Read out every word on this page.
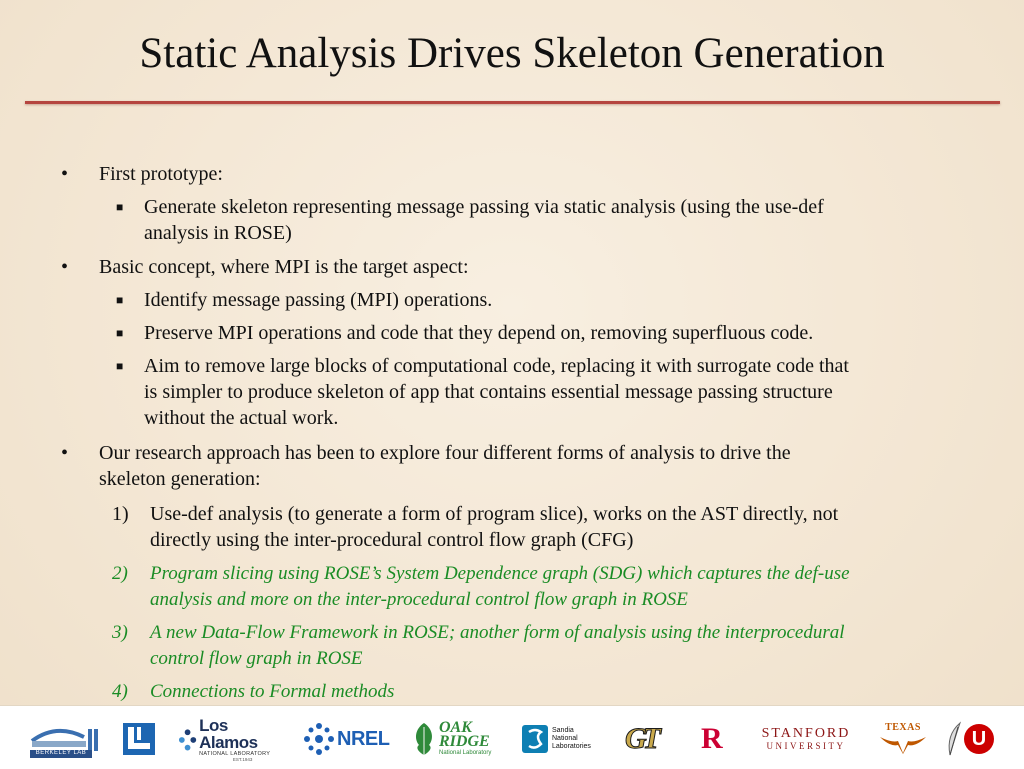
Static Analysis Drives Skeleton Generation
• First prototype:
■ Generate skeleton representing message passing via static analysis (using the use-def
analysis in ROSE)
• Basic concept, where MPI is the target aspect:
■ Identify message passing (MPI) operations.
■ Preserve MPI operations and code that they depend on, removing superfluous code.
■ Aim to remove large blocks of computational code, replacing it with surrogate code that
is simpler to produce skeleton of app that contains essential message passing structure
without the actual work.
• Our research approach has been to explore four different forms of analysis to drive the
skeleton generation:
1) Use-def analysis (to generate a form of program slice), works on the AST directly, not
directly using the inter-procedural control flow graph (CFG)
2) Program slicing using ROSE’s System Dependence graph (SDG) which captures the def-use
analysis and more on the inter-procedural control flow graph in ROSE
3) A new Data-Flow Framework in ROSE; another form of analysis using the interprocedural
control flow graph in ROSE
4) Connections to Formal methods
BERKELEY LAB
Los Alamos
NATIONAL LABORATORY
EST.1943
NREL	OAK
RIDGE
National Laboratory
Sandia
National
Laboratories GT R	STANFORD
UNIVERSITY
TEXAS
U
